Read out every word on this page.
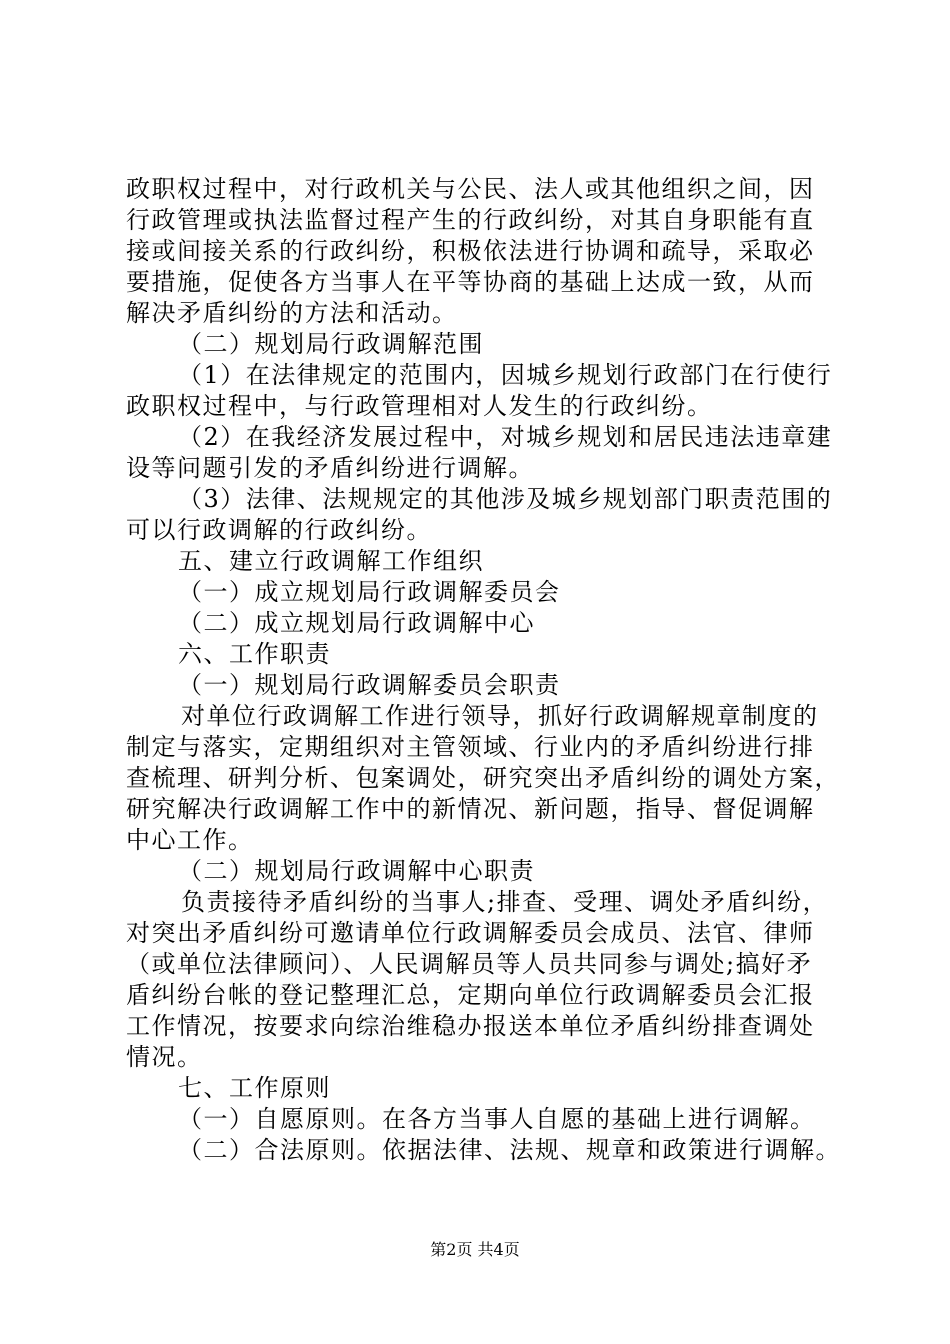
政职权过程中，对行政机关与公民、法人或其他组织之间，因
行政管理或执法监督过程产生的行政纠纷，对其自身职能有直
接或间接关系的行政纠纷，积极依法进行协调和疏导，采取必
要措施，促使各方当事人在平等协商的基础上达成一致，从而
解决矛盾纠纷的方法和活动。
（二）规划局行政调解范围
（1）在法律规定的范围内，因城乡规划行政部门在行使行
政职权过程中，与行政管理相对人发生的行政纠纷。
（2）在我经济发展过程中，对城乡规划和居民违法违章建
设等问题引发的矛盾纠纷进行调解。
（3）法律、法规规定的其他涉及城乡规划部门职责范围的
可以行政调解的行政纠纷。
五、建立行政调解工作组织
（一）成立规划局行政调解委员会
（二）成立规划局行政调解中心
六、工作职责
（一）规划局行政调解委员会职责
对单位行政调解工作进行领导，抓好行政调解规章制度的
制定与落实，定期组织对主管领域、行业内的矛盾纠纷进行排
查梳理、研判分析、包案调处，研究突出矛盾纠纷的调处方案，
研究解决行政调解工作中的新情况、新问题，指导、督促调解
中心工作。
（二）规划局行政调解中心职责
负责接待矛盾纠纷的当事人;排查、受理、调处矛盾纠纷，
对突出矛盾纠纷可邀请单位行政调解委员会成员、法官、律师
（或单位法律顾问）、人民调解员等人员共同参与调处;搞好矛
盾纠纷台帐的登记整理汇总，定期向单位行政调解委员会汇报
工作情况，按要求向综治维稳办报送本单位矛盾纠纷排查调处
情况。
七、工作原则
（一）自愿原则。在各方当事人自愿的基础上进行调解。
（二）合法原则。依据法律、法规、规章和政策进行调解。
第2页 共4页
